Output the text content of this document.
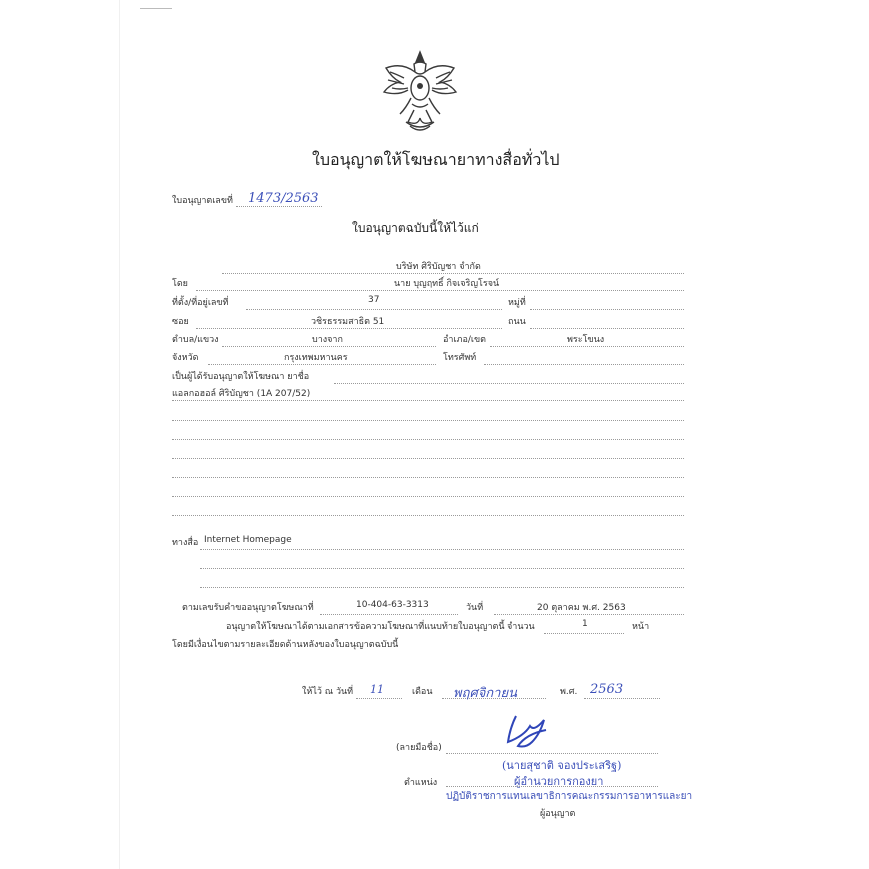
ใบอนุญาตให้โฆษณายาทางสื่อทั่วไป
ใบอนุญาตเลขที่ 1473/2563
ใบอนุญาตฉบับนี้ให้ไว้แก่
บริษัท ศิริบัญชา จำกัด
โดย	นาย บุญฤทธิ์ กิจเจริญโรจน์
ที่ตั้ง/ที่อยู่เลขที่	37	หมู่ที่
ซอย	วชิรธรรมสาธิต 51	ถนน
ตำบล/แขวง	บางจาก	อำเภอ/เขต	พระโขนง
จังหวัด	กรุงเทพมหานคร	โทรศัพท์
เป็นผู้ได้รับอนุญาตให้โฆษณา ยาชื่อ
แอลกอฮอล์ ศิริบัญชา (1A 207/52)
ทางสื่อ Internet Homepage
ตามเลขรับคำขออนุญาตโฆษณาที่	10-404-63-3313	วันที่	20 ตุลาคม พ.ศ. 2563
อนุญาตให้โฆษณาได้ตามเอกสารข้อความโฆษณาที่แนบท้ายใบอนุญาตนี้ จำนวน	1	หน้า
โดยมีเงื่อนไขตามรายละเอียดด้านหลังของใบอนุญาตฉบับนี้
ให้ไว้ ณ วันที่ 11	เดือน พฤศจิกายน	พ.ศ. 2563
(ลายมือชื่อ)
(นายสุชาติ จองประเสริฐ)
ตำแหน่ง	ผู้อำนวยการกองยา
ปฏิบัติราชการแทนเลขาธิการคณะกรรมการอาหารและยา
ผู้อนุญาต
